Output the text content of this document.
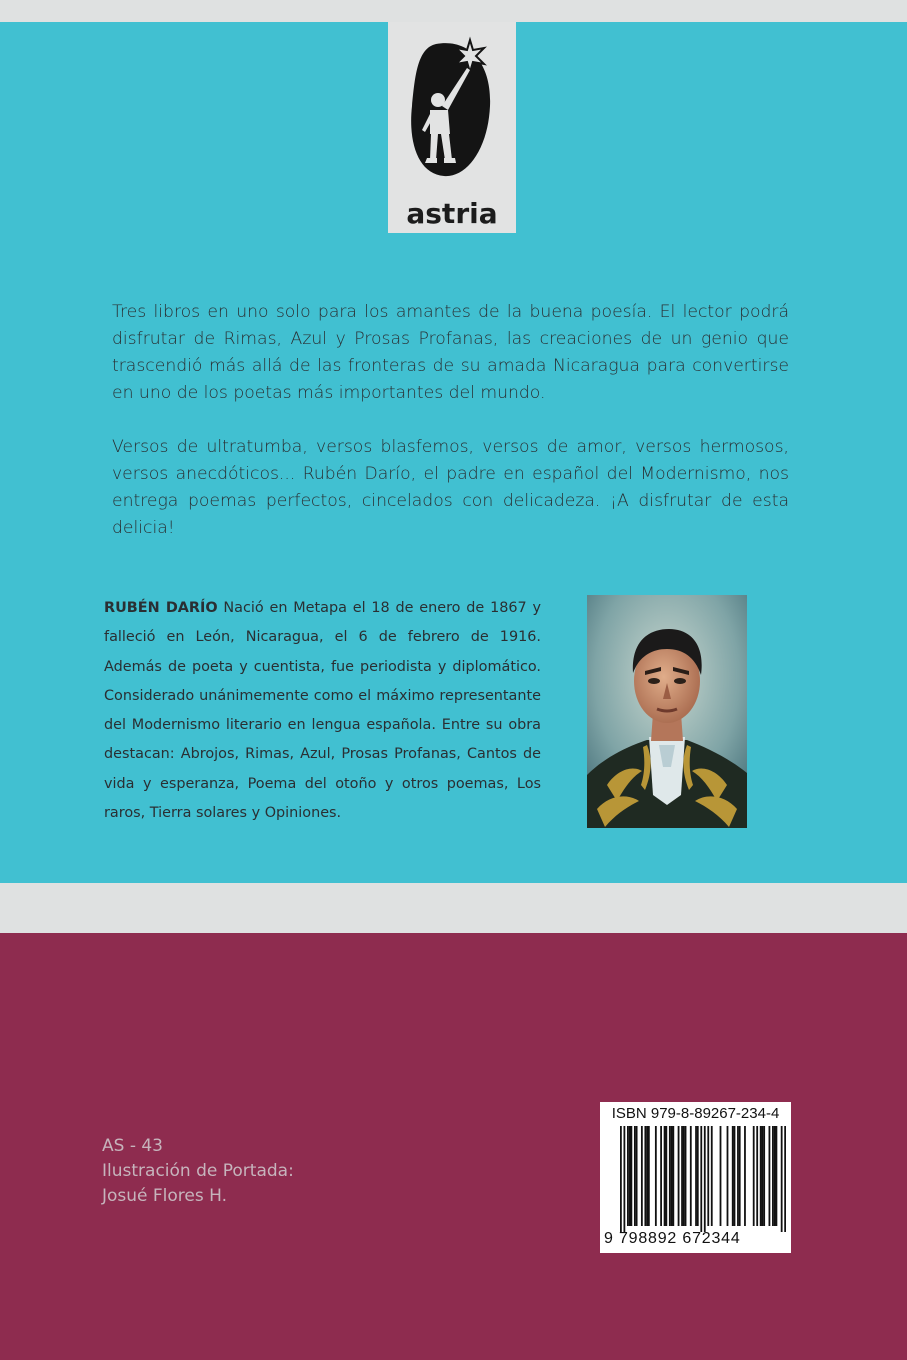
astria

Tres libros en uno solo para los amantes de la buena poesía. El lector podrá disfrutar de Rimas, Azul y Prosas Profanas, las creaciones de un genio que trascendió más allá de las fronteras de su amada Nicaragua para convertirse en uno de los poetas más importantes del mundo.

Versos de ultratumba, versos blasfemos, versos de amor, versos hermosos, versos anecdóticos... Rubén Darío, el padre en español del Modernismo, nos entrega poemas perfectos, cincelados con delicadeza. ¡A disfrutar de esta delicia!

RUBÉN DARÍO Nació en Metapa el 18 de enero de 1867 y falleció en León, Nicaragua, el 6 de febrero de 1916. Además de poeta y cuentista, fue periodista y diplomático. Considerado unánimemente como el máximo representante del Modernismo literario en lengua española. Entre su obra destacan: Abrojos, Rimas, Azul, Prosas Profanas, Cantos de vida y esperanza, Poema del otoño y otros poemas, Los raros, Tierra solares y Opiniones.

AS - 43
Ilustración de Portada:
Josué Flores H.
ISBN 979-8-89267-234-4
9 798892 672344
